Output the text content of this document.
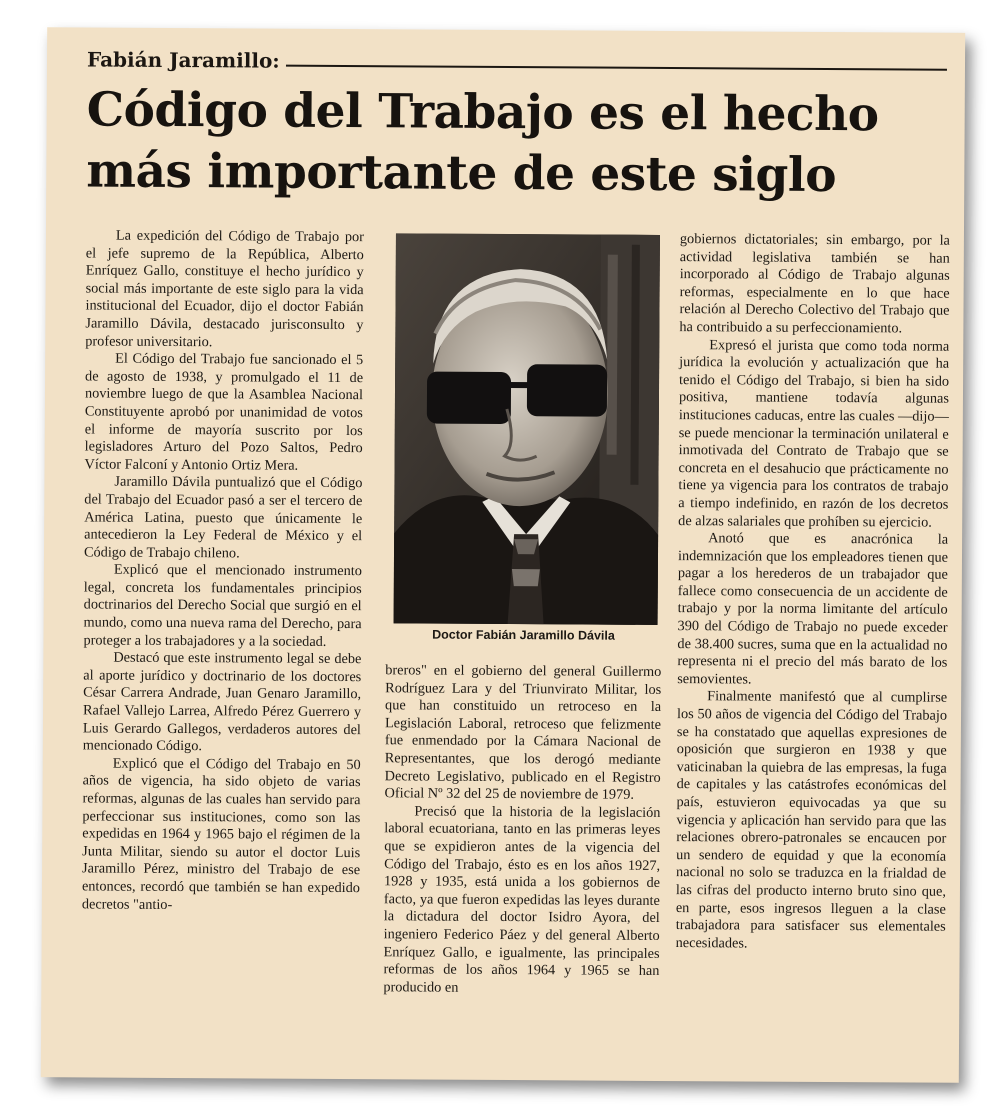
Fabián Jaramillo:
Código del Trabajo es el hecho
más importante de este siglo

La expedición del Código de Trabajo por el jefe supremo de la República, Alberto Enríquez Gallo, constituye el hecho jurídico y social más importante de este siglo para la vida institucional del Ecuador, dijo el doctor Fabián Jaramillo Dávila, destacado jurisconsulto y profesor universitario.

El Código del Trabajo fue sancionado el 5 de agosto de 1938, y promulgado el 11 de noviembre luego de que la Asamblea Nacional Constituyente aprobó por unanimidad de votos el informe de mayoría suscrito por los legisladores Arturo del Pozo Saltos, Pedro Víctor Falconí y Antonio Ortiz Mera.

Jaramillo Dávila puntualizó que el Código del Trabajo del Ecuador pasó a ser el tercero de América Latina, puesto que únicamente le antecedieron la Ley Federal de México y el Código de Trabajo chileno.

Explicó que el mencionado instrumento legal, concreta los fundamentales principios doctrinarios del Derecho Social que surgió en el mundo, como una nueva rama del Derecho, para proteger a los trabajadores y a la sociedad.

Destacó que este instrumento legal se debe al aporte jurídico y doctrinario de los doctores César Carrera Andrade, Juan Genaro Jaramillo, Rafael Vallejo Larrea, Alfredo Pérez Guerrero y Luis Gerardo Gallegos, verdaderos autores del mencionado Código.

Explicó que el Código del Trabajo en 50 años de vigencia, ha sido objeto de varias reformas, algunas de las cuales han servido para perfeccionar sus instituciones, como son las expedidas en 1964 y 1965 bajo el régimen de la Junta Militar, siendo su autor el doctor Luis Jaramillo Pérez, ministro del Trabajo de ese entonces, recordó que también se han expedido decretos "antio-

Doctor Fabián Jaramillo Dávila

breros" en el gobierno del general Guillermo Rodríguez Lara y del Triunvirato Militar, los que han constituido un retroceso en la Legislación Laboral, retroceso que felizmente fue enmendado por la Cámara Nacional de Representantes, que los derogó mediante Decreto Legislativo, publicado en el Registro Oficial Nº 32 del 25 de noviembre de 1979.

Precisó que la historia de la legislación laboral ecuatoriana, tanto en las primeras leyes que se expidieron antes de la vigencia del Código del Trabajo, ésto es en los años 1927, 1928 y 1935, está unida a los gobiernos de facto, ya que fueron expedidas las leyes durante la dictadura del doctor Isidro Ayora, del ingeniero Federico Páez y del general Alberto Enríquez Gallo, e igualmente, las principales reformas de los años 1964 y 1965 se han producido en

gobiernos dictatoriales; sin embargo, por la actividad legislativa también se han incorporado al Código de Trabajo algunas reformas, especialmente en lo que hace relación al Derecho Colectivo del Trabajo que ha contribuido a su perfeccionamiento.

Expresó el jurista que como toda norma jurídica la evolución y actualización que ha tenido el Código del Trabajo, si bien ha sido positiva, mantiene todavía algunas instituciones caducas, entre las cuales —dijo— se puede mencionar la terminación unilateral e inmotivada del Contrato de Trabajo que se concreta en el desahucio que prácticamente no tiene ya vigencia para los contratos de trabajo a tiempo indefinido, en razón de los decretos de alzas salariales que prohíben su ejercicio.

Anotó que es anacrónica la indemnización que los empleadores tienen que pagar a los herederos de un trabajador que fallece como consecuencia de un accidente de trabajo y por la norma limitante del artículo 390 del Código de Trabajo no puede exceder de 38.400 sucres, suma que en la actualidad no representa ni el precio del más barato de los semovientes.

Finalmente manifestó que al cumplirse los 50 años de vigencia del Código del Trabajo se ha constatado que aquellas expresiones de oposición que surgieron en 1938 y que vaticinaban la quiebra de las empresas, la fuga de capitales y las catástrofes económicas del país, estuvieron equivocadas ya que su vigencia y aplicación han servido para que las relaciones obrero-patronales se encaucen por un sendero de equidad y que la economía nacional no solo se traduzca en la frialdad de las cifras del producto interno bruto sino que, en parte, esos ingresos lleguen a la clase trabajadora para satisfacer sus elementales necesidades.
